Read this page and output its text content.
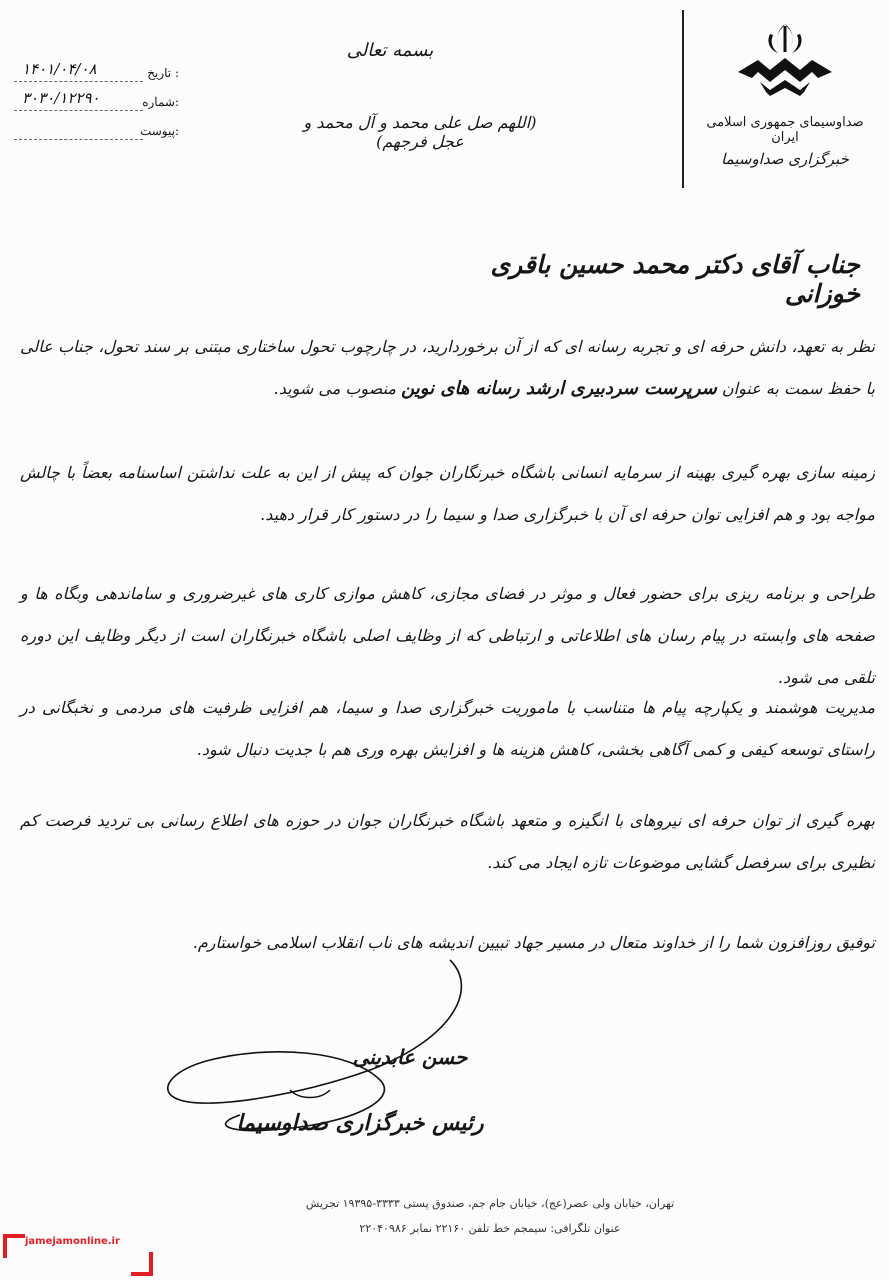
صداوسیمای جمهوری اسلامی ایران
خبرگزاری صداوسیما
بسمه تعالی
(اللهم صل علی محمد و آل محمد و عجل فرجهم)
: تاریخ
۱۴۰۱/۰۴/۰۸
:شماره
۳۰۳۰/۱۲۲۹۰
:پیوست
جناب آقای دکتر محمد حسین باقری خوزانی
نظر به تعهد، دانش حرفه ای و تجربه رسانه ای که از آن برخوردارید، در چارچوب تحول ساختاری مبتنی بر سند تحول، جناب عالی با حفظ سمت به عنوان سرپرست سردبیری ارشد رسانه های نوین منصوب می شوید.
زمینه سازی بهره گیری بهینه از سرمایه انسانی باشگاه خبرنگاران جوان که پیش از این به علت نداشتن اساسنامه بعضاً با چالش مواجه بود و هم افزایی توان حرفه ای آن با خبرگزاری صدا و سیما را در دستور کار قرار دهید.
طراحی و برنامه ریزی برای حضور فعال و موثر در فضای مجازی، کاهش موازی کاری های غیرضروری و ساماندهی وبگاه ها و صفحه های وابسته در پیام رسان های اطلاعاتی و ارتباطی که از وظایف اصلی باشگاه خبرنگاران است از دیگر وظایف این دوره تلقی می شود.
مدیریت هوشمند و یکپارچه پیام ها متناسب با ماموریت خبرگزاری صدا و سیما، هم افزایی ظرفیت های مردمی و نخبگانی در راستای توسعه کیفی و کمی آگاهی بخشی، کاهش هزینه ها و افزایش بهره وری هم با جدیت دنبال شود.
بهره گیری از توان حرفه ای نیروهای با انگیزه و متعهد باشگاه خبرنگاران جوان در حوزه های اطلاع رسانی بی تردید فرصت کم نظیری برای سرفصل گشایی موضوعات تازه ایجاد می کند.
توفیق روزافزون شما را از خداوند متعال در مسیر جهاد تبیین اندیشه های ناب انقلاب اسلامی خواستارم.
حسن عابدینی
رئیس خبرگزاری صداوسیما
تهران، خیابان ولی عصر(عج)، خیابان جام جم، صندوق پستی ۳۳۳۳-۱۹۳۹۵ تجریش
عنوان تلگرافی: سیمجم خط تلفن ۲۲۱۶۰ نمابر ۲۲۰۴۰۹۸۶
jamejamonline.ir
